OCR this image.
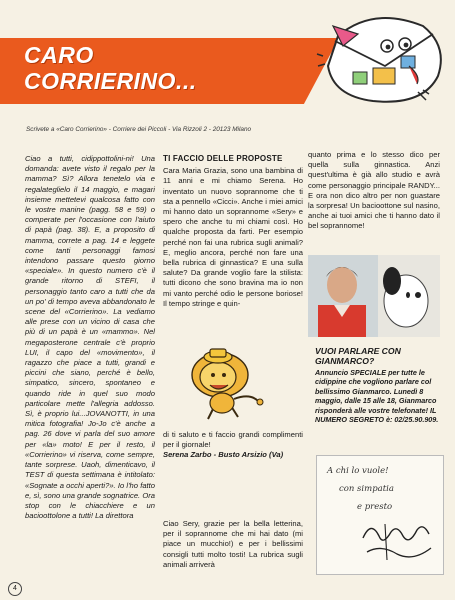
CARO
CORRIERINO...
Scrivete a «Caro Corrierino» - Corriere dei Piccoli - Via Rizzoli 2 - 20123 Milano
Ciao a tutti, cidippottolini-ni! Una domanda: avete visto il regalo per la mamma? Sì? Allora tenetelo via e regalateglielo il 14 maggio, e magari insieme mettetevi qualcosa fatto con le vostre manine (pagg. 58 e 59) o comperate per l'occasione con l'aiuto di papà (pag. 38). E, a proposito di mamma, correte a pag. 14 e leggete come tanti personaggi famosi intendono passare questo giorno «speciale». In questo numero c'è il grande ritorno di STEFI, il personaggio tanto caro a tutti che da un po' di tempo aveva abbandonato le scene del «Corrierino». La vediamo alle prese con un vicino di casa che più di un papà è un «mammo». Nel megaposterone centrale c'è proprio LUI, il capo del «movimento», il ragazzo che piace a tutti, grandi e piccini che siano, perché è bello, simpatico, sincero, spontaneo e quando ride in quel suo modo particolare mette l'allegria addosso. Sì, è proprio lui...JOVANOTTI, in una mitica fotografia! Jo-Jo c'è anche a pag. 26 dove vi parla del suo amore per «la» moto! E per il resto, il «Corrierino» vi riserva, come sempre, tante sorprese. Uaoh, dimenticavo, il TEST di questa settimana è intitolato: «Sognate a occhi aperti?». Io l'ho fatto e, sì, sono una grande sognatrice. Ora stop con le chiacchiere e un bacioottolone a tutti! La direttora
TI FACCIO DELLE PROPOSTE
Cara Maria Grazia, sono una bambina di 11 anni e mi chiamo Serena. Ho inventato un nuovo soprannome che ti sta a pennello «Cicci». Anche i miei amici mi hanno dato un soprannome «Sery» e spero che anche tu mi chiami così. Ho qualche proposta da farti. Per esempio perché non fai una rubrica sugli animali? E, meglio ancora, perché non fare una bella rubrica di ginnastica? E una sulla salute? Da grande voglio fare la stilista: tutti dicono che sono bravina ma io non mi vanto perché odio le persone boriose! Il tempo stringe e quin-
di ti saluto e ti faccio grandi complimenti per il giornale!
Serena Zarbo - Busto Arsizio (Va)
Ciao Sery, grazie per la bella letterina, per il soprannome che mi hai dato (mi piace un mucchio!) e per i bellissimi consigli tutti molto tosti! La rubrica sugli animali arriverà
quanto prima e lo stesso dico per quella sulla ginnastica. Anzi quest'ultima è già allo studio e avrà come personaggio principale RANDY... E ora non dico altro per non guastare la sorpresa! Un bacioottone sul nasino, anche ai tuoi amici che ti hanno dato il bel soprannome!
VUOI PARLARE CON GIANMARCO?
Annuncio SPECIALE per tutte le cidippine che vogliono parlare col bellissimo Gianmarco. Lunedì 8 maggio, dalle 15 alle 18, Gianmarco risponderà alle vostre telefonate! IL NUMERO SEGRETO è: 02/25.90.909.
A chi lo vuole!
con simpatia
e presto
4
